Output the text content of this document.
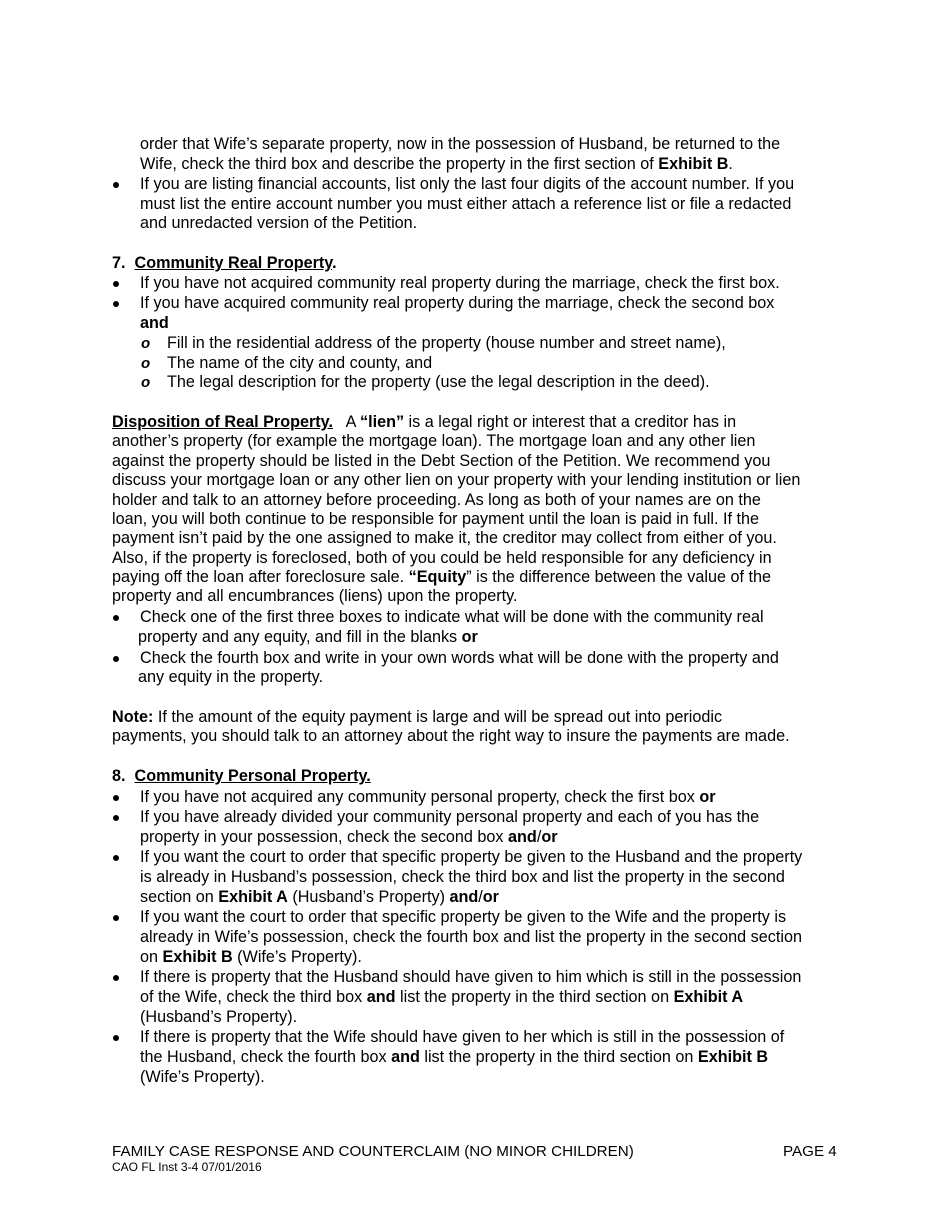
order that Wife’s separate property, now in the possession of Husband, be returned to the
Wife, check the third box and describe the property in the first section of Exhibit B.
If you are listing financial accounts, list only the last four digits of the account number. If you
must list the entire account number you must either attach a reference list or file a redacted
and unredacted version of the Petition.
7. Community Real Property.
If you have not acquired community real property during the marriage, check the first box.
If you have acquired community real property during the marriage, check the second box
and
o Fill in the residential address of the property (house number and street name),
o The name of the city and county, and
o The legal description for the property (use the legal description in the deed).
Disposition of Real Property. A “lien” is a legal right or interest that a creditor has in
another’s property (for example the mortgage loan). The mortgage loan and any other lien
against the property should be listed in the Debt Section of the Petition. We recommend you
discuss your mortgage loan or any other lien on your property with your lending institution or lien
holder and talk to an attorney before proceeding. As long as both of your names are on the
loan, you will both continue to be responsible for payment until the loan is paid in full. If the
payment isn’t paid by the one assigned to make it, the creditor may collect from either of you.
Also, if the property is foreclosed, both of you could be held responsible for any deficiency in
paying off the loan after foreclosure sale. “Equity” is the difference between the value of the
property and all encumbrances (liens) upon the property.
Check one of the first three boxes to indicate what will be done with the community real
property and any equity, and fill in the blanks or
Check the fourth box and write in your own words what will be done with the property and
any equity in the property.
Note: If the amount of the equity payment is large and will be spread out into periodic
payments, you should talk to an attorney about the right way to insure the payments are made.
8. Community Personal Property.
If you have not acquired any community personal property, check the first box or
If you have already divided your community personal property and each of you has the
property in your possession, check the second box and/or
If you want the court to order that specific property be given to the Husband and the property
is already in Husband’s possession, check the third box and list the property in the second
section on Exhibit A (Husband’s Property) and/or
If you want the court to order that specific property be given to the Wife and the property is
already in Wife’s possession, check the fourth box and list the property in the second section
on Exhibit B (Wife’s Property).
If there is property that the Husband should have given to him which is still in the possession
of the Wife, check the third box and list the property in the third section on Exhibit A
(Husband’s Property).
If there is property that the Wife should have given to her which is still in the possession of
the Husband, check the fourth box and list the property in the third section on Exhibit B
(Wife’s Property).
FAMILY CASE RESPONSE AND COUNTERCLAIM (NO MINOR CHILDREN)	PAGE 4
CAO FL Inst 3-4 07/01/2016
